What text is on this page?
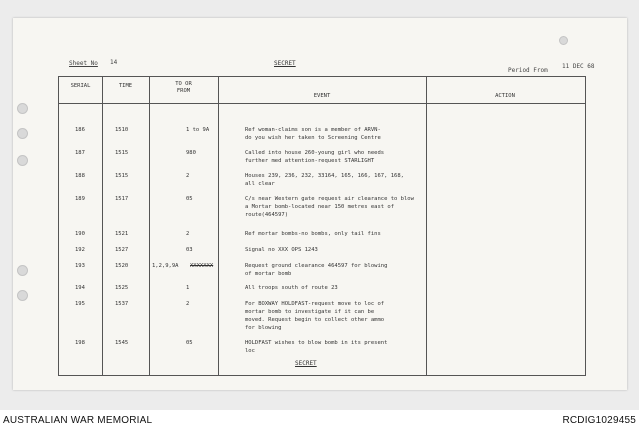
Sheet No 14	SECRET
Period From
11 DEC 68
SERIAL	TIME	TO OR
FROM
EVENT	ACTION
186	1510	1 to 9A	Ref woman-claims son is a member of ARVN-
do you wish her taken to Screening Centre
187	1515	980	Called into house 260-young girl who needs
further med attention-request STARLIGHT
188	1515	2	Houses 239, 236, 232, 33164, 165, 166, 167, 168,
all clear
189	1517	05	C/s near Western gate request air clearance to blow
a Mortar bomb-located near 150 metres east of
route(464597)
190	1521	2	Ref mortar bombs-no bombs, only tail fins
192	1527	03	Signal no XXX OPS 1243
193	1520	1,2,9,9A XXXXXXX	Request ground clearance 464597 for blowing
of mortar bomb
194	1525	1	All troops south of route 23
195	1537	2	For BOXWAY HOLDFAST-request move to loc of
mortar bomb to investigate if it can be
moved. Request begin to collect other ammo
for blowing
198	1545	05	HOLDFAST wishes to blow bomb in its present
loc
SECRET
AUSTRALIAN WAR MEMORIAL	RCDIG1029455
